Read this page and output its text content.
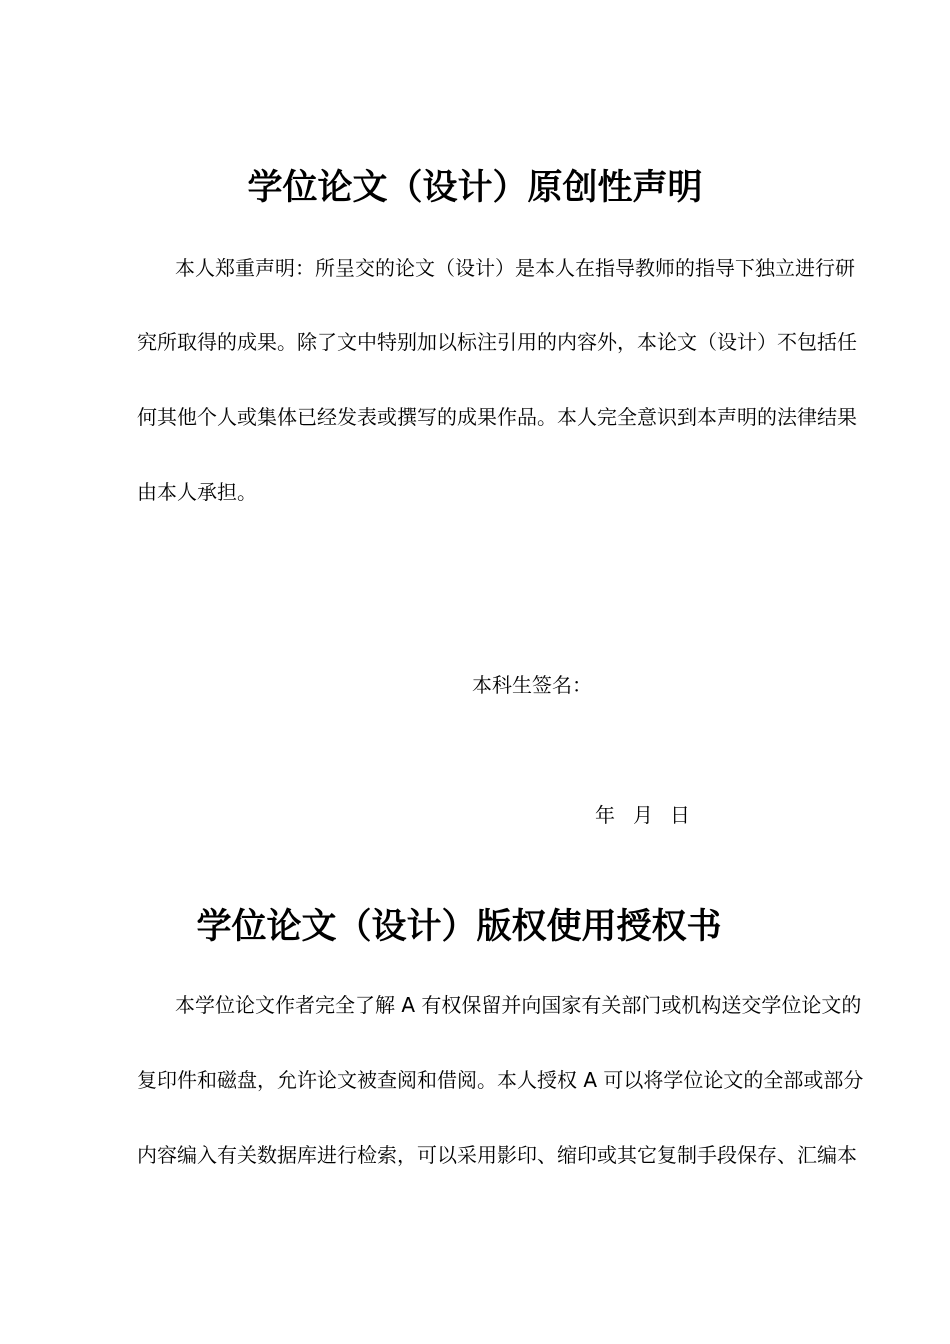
学位论文（设计）原创性声明
本人郑重声明：所呈交的论文（设计）是本人在指导教师的指导下独立进行研
究所取得的成果。除了文中特别加以标注引用的内容外，本论文（设计）不包括任
何其他个人或集体已经发表或撰写的成果作品。本人完全意识到本声明的法律结果
由本人承担。
本科生签名：
年 月 日
学位论文（设计）版权使用授权书
本学位论文作者完全了解 A 有权保留并向国家有关部门或机构送交学位论文的
复印件和磁盘，允许论文被查阅和借阅。本人授权 A 可以将学位论文的全部或部分
内容编入有关数据库进行检索，可以采用影印、缩印或其它复制手段保存、汇编本
